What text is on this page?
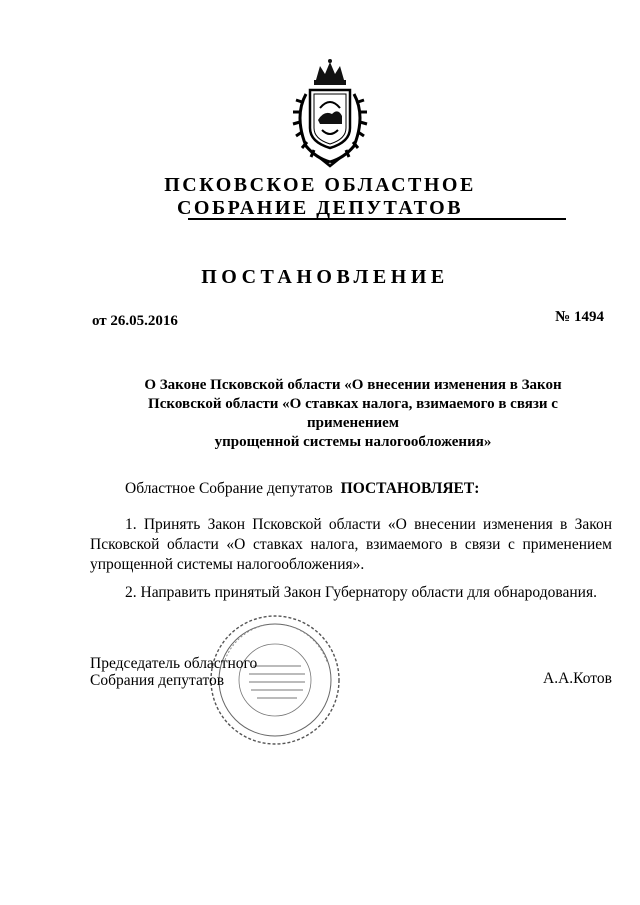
ПСКОВСКОЕ ОБЛАСТНОЕ
СОБРАНИЕ ДЕПУТАТОВ
ПОСТАНОВЛЕНИЕ
от 26.05.2016	№ 1494
О Законе Псковской области «О внесении изменения в Закон
Псковской области «О ставках налога, взимаемого в связи с применением
упрощенной системы налогообложения»
Областное Собрание депутатов ПОСТАНОВЛЯЕТ:
1. Принять Закон Псковской области «О внесении изменения в Закон Псковской области «О ставках налога, взимаемого в связи с применением упрощенной системы налогообложения».
2. Направить принятый Закон Губернатору области для обнародования.
Председатель областного
Собрания депутатов	А.А.Котов
